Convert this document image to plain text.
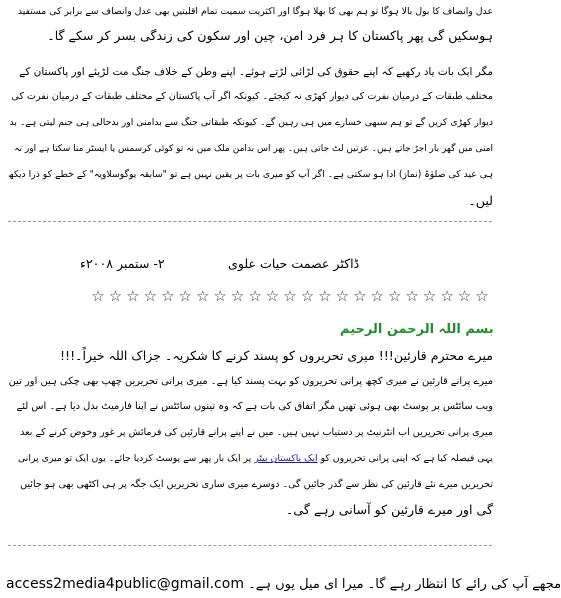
عدل وانصاف کا بول بالا ہوگا تو ہم بھی کا بھلا ہوگا اور اکثریت سمیت تمام اقلیتیں بھی عدل وانصاف سے برابر کی مستفید
ہوسکیں گی پھر پاکستان کا ہر فرد امن، چین اور سکون کی زندگی بسر کر سکے گا۔
مگر ایک بات یاد رکھیے کہ اپنے حقوق کی لڑائی لڑتے ہوئے۔ اپنے وطن کے خلاف جنگ مت لڑیئے اور پاکستان کے
مختلف طبقات کے درمیان نفرت کی دیوار کھڑی نہ کیجئے۔ کیونکہ اگر آپ پاکستان کے مختلف طبقات کے درمیان نفرت کی
دیوار کھڑی کریں گے تو ہم سبھی خسارے میں ہی رہیں گے۔ کیونکہ طبقاتی جنگ سے بدامنی اور بدحالی ہی جنم لیتی ہے۔ بد
امنی میں گھر بار اجڑ جاتے ہیں۔ عزتیں لٹ جاتی ہیں۔ پھر اس بدامن ملک میں نہ تو کوئی کرسمس یا ایسٹر منا سکتا ہے اور نہ
ہی عید کی صلوٰۃ (نماز) ادا ہو سکتی ہے۔ اگر آپ کو میری بات پر یقین نہیں ہے تو "سابقہ یوگوسلاویہ" کے خطے کو ذرا دیکھ
لیں۔
ڈاکٹر عصمت حیات علوی
۲- ستمبر ۲۰۰۸ء
☆ ☆ ☆ ☆ ☆ ☆ ☆ ☆ ☆ ☆ ☆ ☆ ☆ ☆ ☆ ☆ ☆ ☆ ☆ ☆ ☆ ☆ ☆
بسم اللہ الرحمن الرحیم
میرے محترم قارئین!!! میری تحریروں کو پسند کرنے کا شکریہ۔ جزاک اللہ خیراً۔!!!
میرے پرانے قارئین نے میری کچھ پرانی تحریروں کو بہت پسند کیا ہے۔ میری پرانی تحریریں چھپ بھی چکی ہیں اور تین
ویب سائٹس پر پوسٹ بھی ہوئی تھیں مگر اتفاق کی بات ہے کہ وہ تینوں سائٹس نے اپنا فارمیٹ بدل دیا ہے۔ اس لئے
میری پرانی تحریریں اب انٹرنیٹ پر دستیاب نہیں ہیں۔ میں نے اپنے پرانے قارئین کی فرمائش پر غور وخوض کرنے کے بعد
یہی فیصلہ کیا ہے کہ اپنی پرانی تحریروں کو ایک پاکستان بیٹر پر ایک بار پھر سے پوسٹ کردیا جائے۔ یوں ایک تو میری پرانی
تحریریں میرے نئے قارئین کی نظر سے گذر جائیں گی۔ دوسرے میری ساری تحریریں ایک جگہ پر ہی اکٹھی بھی ہو جائیں
گی اور میرے قارئین کو آسانی رہے گی۔
مجھے آپ کی رائے کا انتظار رہے گا۔ میرا ای میل یوں ہے۔ access2media4public@gmail.com
